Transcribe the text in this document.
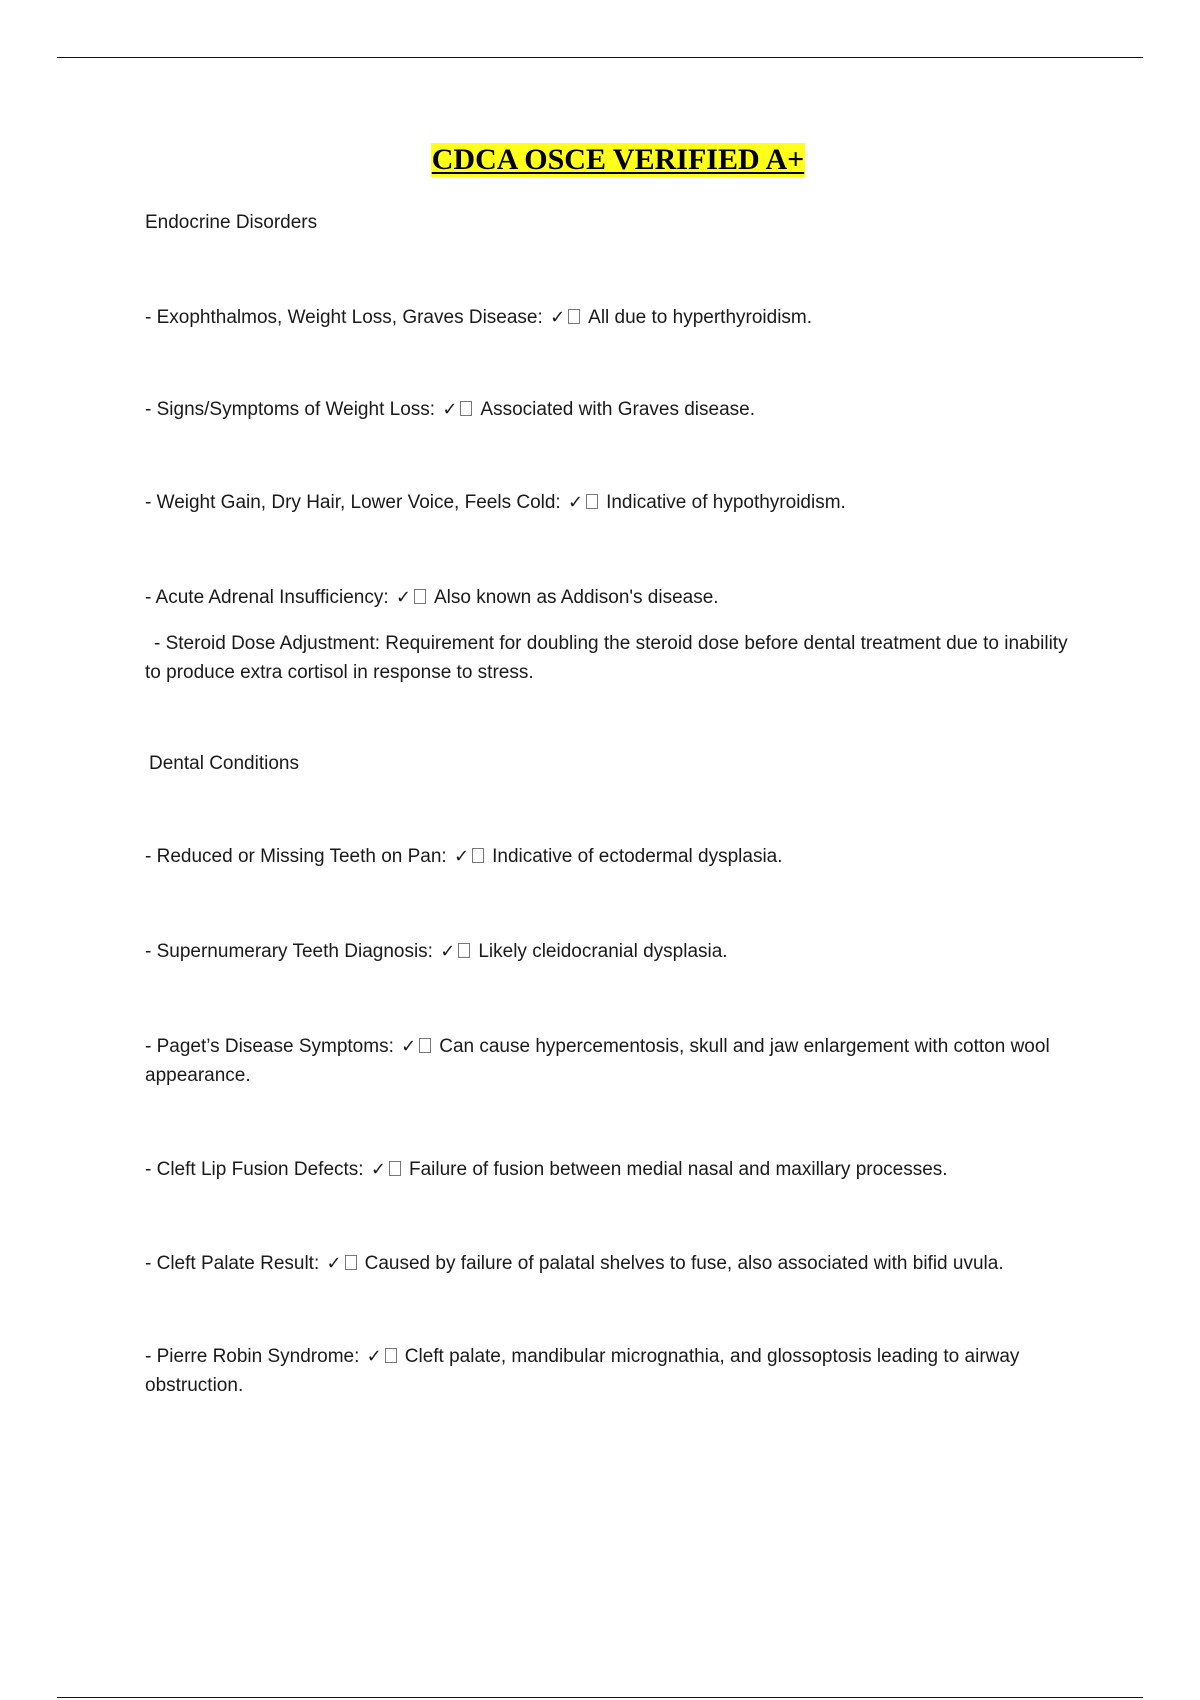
CDCA OSCE VERIFIED A+
Endocrine Disorders
- Exophthalmos, Weight Loss, Graves Disease: ✓ All due to hyperthyroidism.
- Signs/Symptoms of Weight Loss: ✓ Associated with Graves disease.
- Weight Gain, Dry Hair, Lower Voice, Feels Cold: ✓ Indicative of hypothyroidism.
- Acute Adrenal Insufficiency: ✓ Also known as Addison's disease.
- Steroid Dose Adjustment: Requirement for doubling the steroid dose before dental treatment due to inability to produce extra cortisol in response to stress.
Dental Conditions
- Reduced or Missing Teeth on Pan: ✓ Indicative of ectodermal dysplasia.
- Supernumerary Teeth Diagnosis: ✓ Likely cleidocranial dysplasia.
- Paget’s Disease Symptoms: ✓ Can cause hypercementosis, skull and jaw enlargement with cotton wool appearance.
- Cleft Lip Fusion Defects: ✓ Failure of fusion between medial nasal and maxillary processes.
- Cleft Palate Result: ✓ Caused by failure of palatal shelves to fuse, also associated with bifid uvula.
- Pierre Robin Syndrome: ✓ Cleft palate, mandibular micrognathia, and glossoptosis leading to airway obstruction.
